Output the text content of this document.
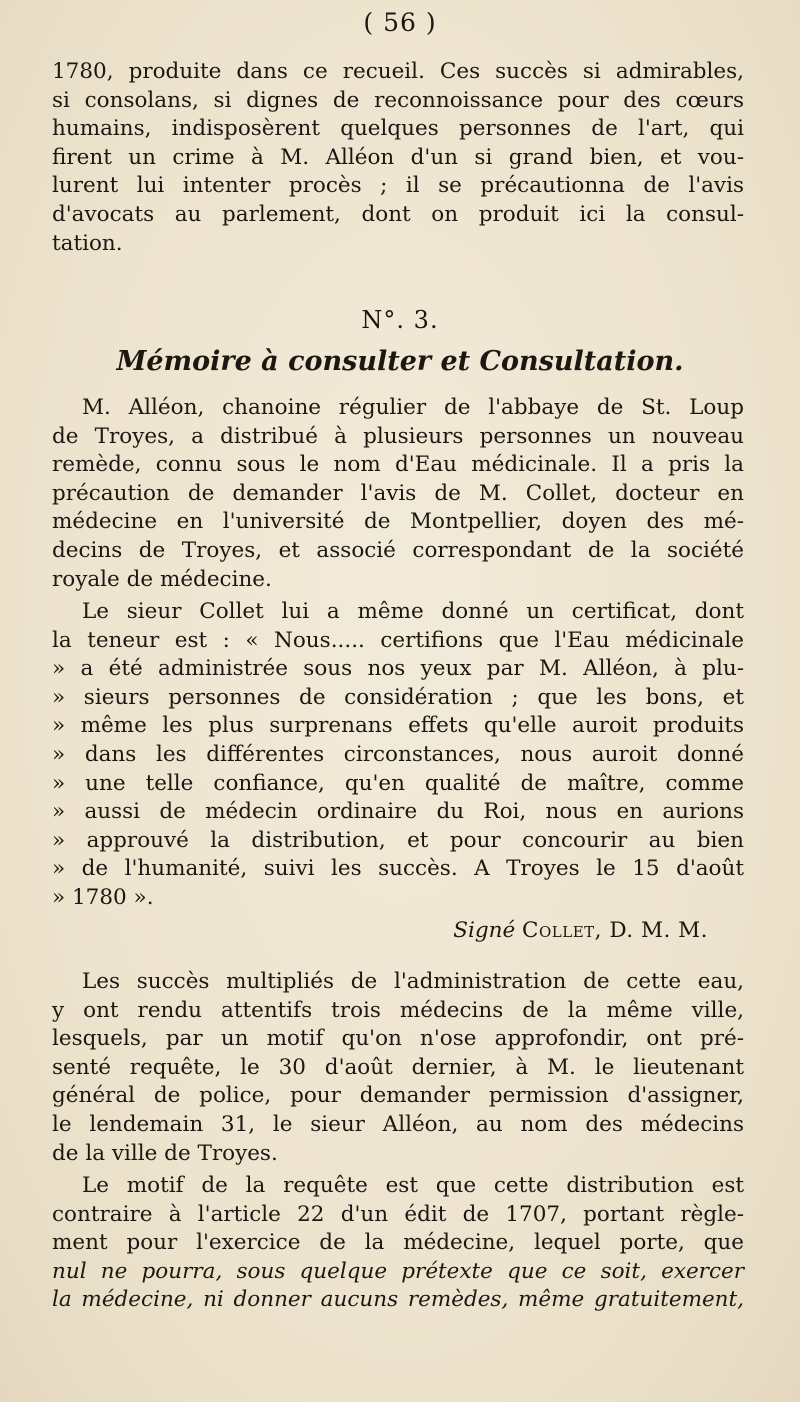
( 56 )
1780, produite dans ce recueil. Ces succès si admirables,
si consolans, si dignes de reconnoissance pour des cœurs
humains, indisposèrent quelques personnes de l'art, qui
firent un crime à M. Alléon d'un si grand bien, et vou-
lurent lui intenter procès ; il se précautionna de l'avis
d'avocats au parlement, dont on produit ici la consul-
tation.
N°. 3.
Mémoire à consulter et Consultation.
M. Alléon, chanoine régulier de l'abbaye de St. Loup
de Troyes, a distribué à plusieurs personnes un nouveau
remède, connu sous le nom d'Eau médicinale. Il a pris la
précaution de demander l'avis de M. Collet, docteur en
médecine en l'université de Montpellier, doyen des mé-
decins de Troyes, et associé correspondant de la société
royale de médecine.
Le sieur Collet lui a même donné un certificat, dont
la teneur est : « Nous..... certifions que l'Eau médicinale
» a été administrée sous nos yeux par M. Alléon, à plu-
» sieurs personnes de considération ; que les bons, et
» même les plus surprenans effets qu'elle auroit produits
» dans les différentes circonstances, nous auroit donné
» une telle confiance, qu'en qualité de maître, comme
» aussi de médecin ordinaire du Roi, nous en aurions
» approuvé la distribution, et pour concourir au bien
» de l'humanité, suivi les succès. A Troyes le 15 d'août
» 1780 ».
Signé Collet, D. M. M.
Les succès multipliés de l'administration de cette eau,
y ont rendu attentifs trois médecins de la même ville,
lesquels, par un motif qu'on n'ose approfondir, ont pré-
senté requête, le 30 d'août dernier, à M. le lieutenant
général de police, pour demander permission d'assigner,
le lendemain 31, le sieur Alléon, au nom des médecins
de la ville de Troyes.
Le motif de la requête est que cette distribution est
contraire à l'article 22 d'un édit de 1707, portant règle-
ment pour l'exercice de la médecine, lequel porte, que
nul ne pourra, sous quelque prétexte que ce soit, exercer
la médecine, ni donner aucuns remèdes, même gratuitement,
